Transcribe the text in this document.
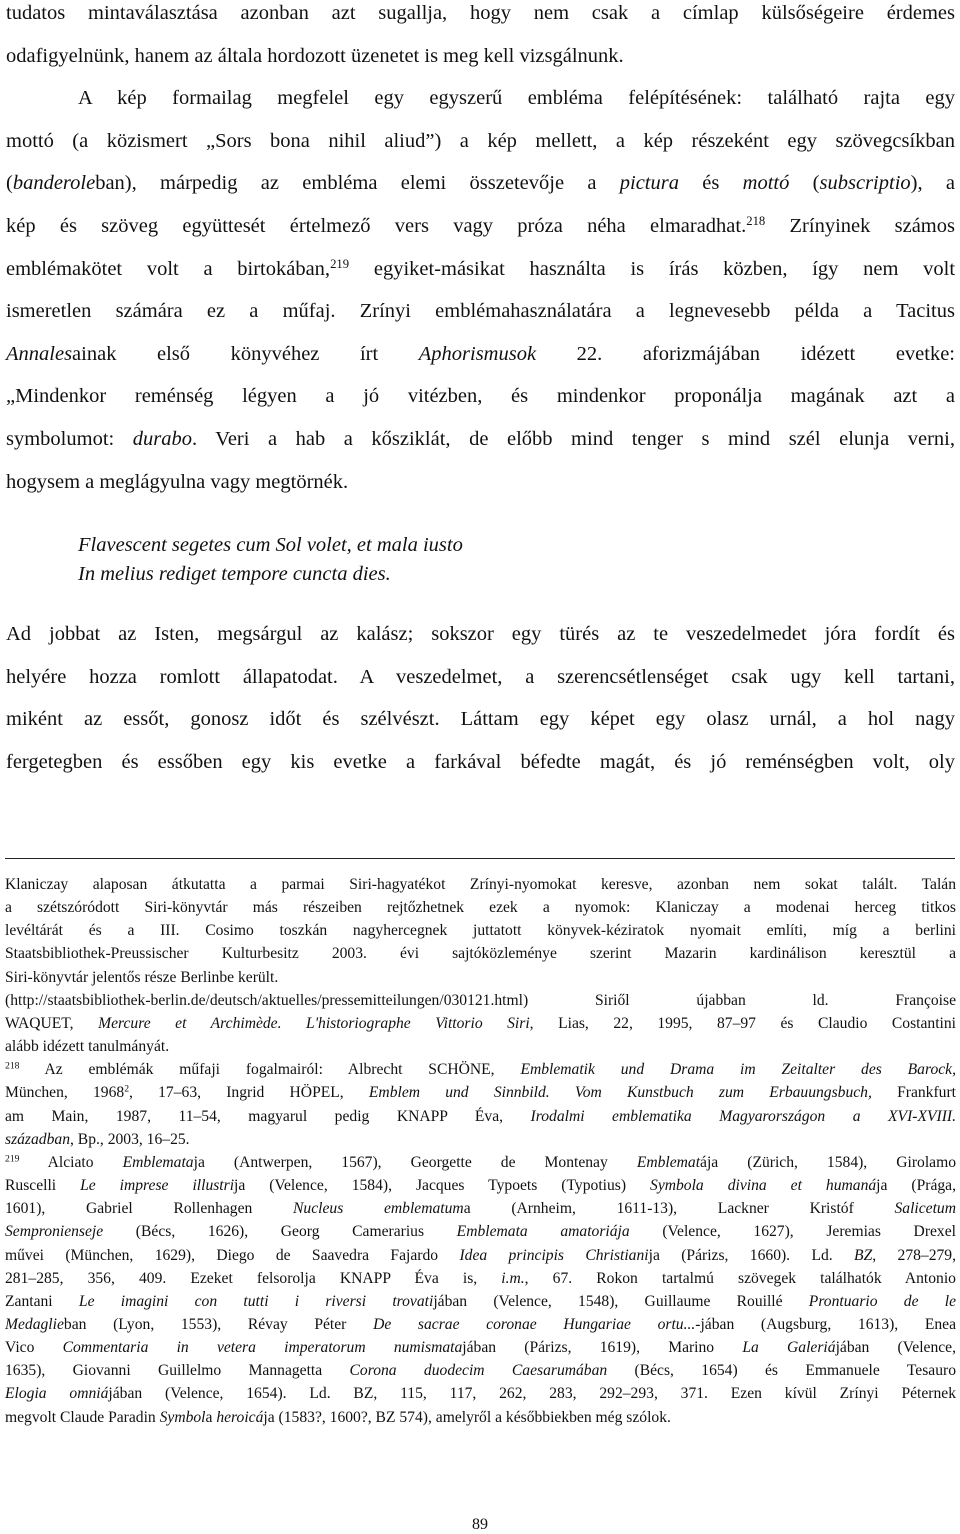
tudatos mintaválasztása azonban azt sugallja, hogy nem csak a címlap külsőségeire érdemes
odafigyelnünk, hanem az általa hordozott üzenetet is meg kell vizsgálnunk.

A kép formailag megfelel egy egyszerű embléma felépítésének: található rajta egy
mottó (a közismert „Sors bona nihil aliud”) a kép mellett, a kép részeként egy szövegcsíkban
(banderoleban), márpedig az embléma elemi összetevője a pictura és mottó (subscriptio), a
kép és szöveg együttesét értelmező vers vagy próza néha elmaradhat.$^{218}$ Zrínyinek számos
emblémakötet volt a birtokában,$^{219}$ egyiket-másikat használta is írás közben, így nem volt
ismeretlen számára ez a műfaj. Zrínyi emblémahasználatára a legnevesebb példa a Tacitus
Annalesainak első könyvéhez írt Aphorismusok 22. aforizmájában idézett evetke:
„Mindenkor reménség légyen a jó vitézben, és mindenkor proponálja magának azt a
symbolumot: durabo. Veri a hab a kősziklát, de előbb mind tenger s mind szél elunja verni,
hogysem a meglágyulna vagy megtörnék.

Flavescent segetes cum Sol volet, et mala iusto
In melius rediget tempore cuncta dies.
Ad jobbat az Isten, megsárgul az kalász; sokszor egy türés az te veszedelmedet jóra fordít és
helyére hozza romlott állapatodat. A veszedelmet, a szerencsétlenséget csak ugy kell tartani,
miként az essőt, gonosz időt és szélvészt. Láttam egy képet egy olasz urnál, a hol nagy
fergetegben és essőben egy kis evetke a farkával béfedte magát, és jó reménségben volt, oly

Klaniczay alaposan átkutatta a parmai Siri-hagyatékot Zrínyi-nyomokat keresve, azonban nem sokat talált. Talán
a szétszóródott Siri-könyvtár más részeiben rejtőzhetnek ezek a nyomok: Klaniczay a modenai herceg titkos
levéltárát és a III. Cosimo toszkán nagyhercegnek juttatott könyvek-kéziratok nyomait említi, míg a berlini
Staatsbibliothek-Preussischer Kulturbesitz 2003. évi sajtóközleménye szerint Mazarin kardinálison keresztül a
Siri-könyvtár jelentős része Berlinbe került.
(http://staatsbibliothek-berlin.de/deutsch/aktuelles/pressemitteilungen/030121.html) Siriől újabban ld. Françoise
WAQUET, Mercure et Archimède. L'historiographe Vittorio Siri, Lias, 22, 1995, 87–97 és Claudio Costantini
alább idézett tanulmányát.

$^{218}$ Az emblémák műfaji fogalmairól: Albrecht SCHÖNE, Emblematik und Drama im Zeitalter des Barock,
München, 1968$^2$, 17–63, Ingrid HÖPEL, Emblem und Sinnbild. Vom Kunstbuch zum Erbauungsbuch, Frankfurt
am Main, 1987, 11–54, magyarul pedig KNAPP Éva, Irodalmi emblematika Magyarországon a XVI-XVIII.
században, Bp., 2003, 16–25.

$^{219}$ Alciato Emblemataja (Antwerpen, 1567), Georgette de Montenay Emblematája (Zürich, 1584), Girolamo
Ruscelli Le imprese illustrija (Velence, 1584), Jacques Typoets (Typotius) Symbola divina et humanája (Prága,
1601), Gabriel Rollenhagen Nucleus emblematuma (Arnheim, 1611-13), Lackner Kristóf Salicetum
Sempronienseje (Bécs, 1626), Georg Camerarius Emblemata amatoriája (Velence, 1627), Jeremias Drexel
művei (München, 1629), Diego de Saavedra Fajardo Idea principis Christianija (Párizs, 1660). Ld. BZ, 278–279,
281–285, 356, 409. Ezeket felsorolja KNAPP Éva is, i.m., 67. Rokon tartalmú szövegek találhatók Antonio
Zantani Le imagini con tutti i riversi trovatijában (Velence, 1548), Guillaume Rouillé Prontuario de le
Medaglieban (Lyon, 1553), Révay Péter De sacrae coronae Hungariae ortu...-jában (Augsburg, 1613), Enea
Vico Commentaria in vetera imperatorum numismatajában (Párizs, 1619), Marino La Galeriájában (Velence,
1635), Giovanni Guillelmo Mannagetta Corona duodecim Caesarumában (Bécs, 1654) és Emmanuele Tesauro
Elogia omniájában (Velence, 1654). Ld. BZ, 115, 117, 262, 283, 292–293, 371. Ezen kívül Zrínyi Péternek
megvolt Claude Paradin Symbola heroicája (1583?, 1600?, BZ 574), amelyről a későbbiekben még szólok.

89
